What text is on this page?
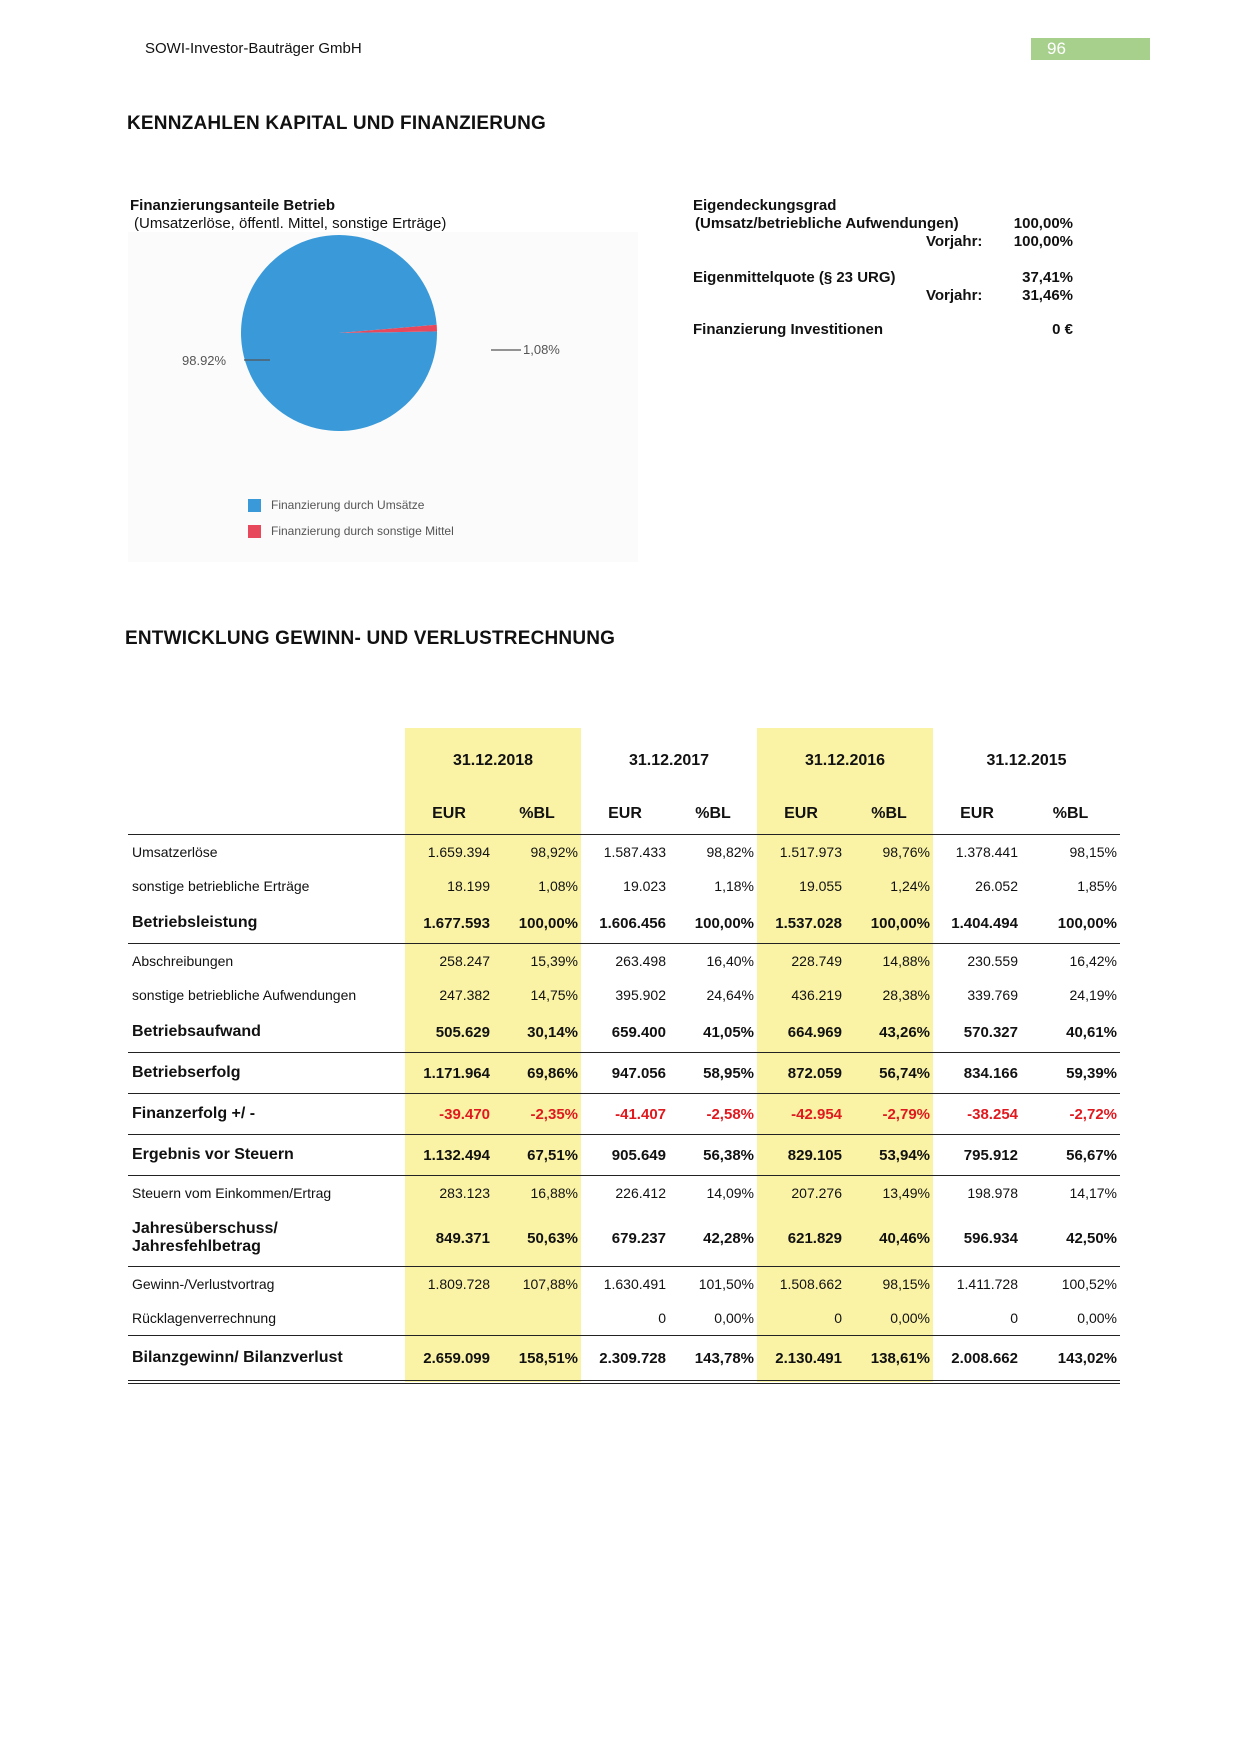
SOWI-Investor-Bauträger GmbH	96
KENNZAHLEN KAPITAL UND FINANZIERUNG
Finanzierungsanteile Betrieb
(Umsatzerlöse, öffentl. Mittel, sonstige Erträge)
98.92%
1,08%
Finanzierung durch Umsätze
Finanzierung durch sonstige Mittel
Eigendeckungsgrad
(Umsatz/betriebliche Aufwendungen)	100,00%
Vorjahr:	100,00%
Eigenmittelquote (§ 23 URG)	37,41%
Vorjahr:	31,46%
Finanzierung Investitionen	0 €
ENTWICKLUNG GEWINN- UND VERLUSTRECHNUNG
	31.12.2018		31.12.2017		31.12.2016		31.12.2015	
	EUR	%BL	EUR	%BL	EUR	%BL	EUR	%BL
Umsatzerlöse	1.659.394	98,92%	1.587.433	98,82%	1.517.973	98,76%	1.378.441	98,15%
sonstige betriebliche Erträge	18.199	1,08%	19.023	1,18%	19.055	1,24%	26.052	1,85%
Betriebsleistung	1.677.593	100,00%	1.606.456	100,00%	1.537.028	100,00%	1.404.494	100,00%
Abschreibungen	258.247	15,39%	263.498	16,40%	228.749	14,88%	230.559	16,42%
sonstige betriebliche Aufwendungen	247.382	14,75%	395.902	24,64%	436.219	28,38%	339.769	24,19%
Betriebsaufwand	505.629	30,14%	659.400	41,05%	664.969	43,26%	570.327	40,61%
Betriebserfolg	1.171.964	69,86%	947.056	58,95%	872.059	56,74%	834.166	59,39%
Finanzerfolg +/ -	-39.470	-2,35%	-41.407	-2,58%	-42.954	-2,79%	-38.254	-2,72%
Ergebnis vor Steuern	1.132.494	67,51%	905.649	56,38%	829.105	53,94%	795.912	56,67%
Steuern vom Einkommen/Ertrag	283.123	16,88%	226.412	14,09%	207.276	13,49%	198.978	14,17%

Jahresüberschuss/
Jahresfehlbetrag	849.371	50,63%	679.237	42,28%	621.829	40,46%	596.934	42,50%
Gewinn-/Verlustvortrag	1.809.728	107,88%	1.630.491	101,50%	1.508.662	98,15%	1.411.728	100,52%
Rücklagenverrechnung			0	0,00%	0	0,00%	0	0,00%
Bilanzgewinn/ Bilanzverlust	2.659.099	158,51%	2.309.728	143,78%	2.130.491	138,61%	2.008.662	143,02%
